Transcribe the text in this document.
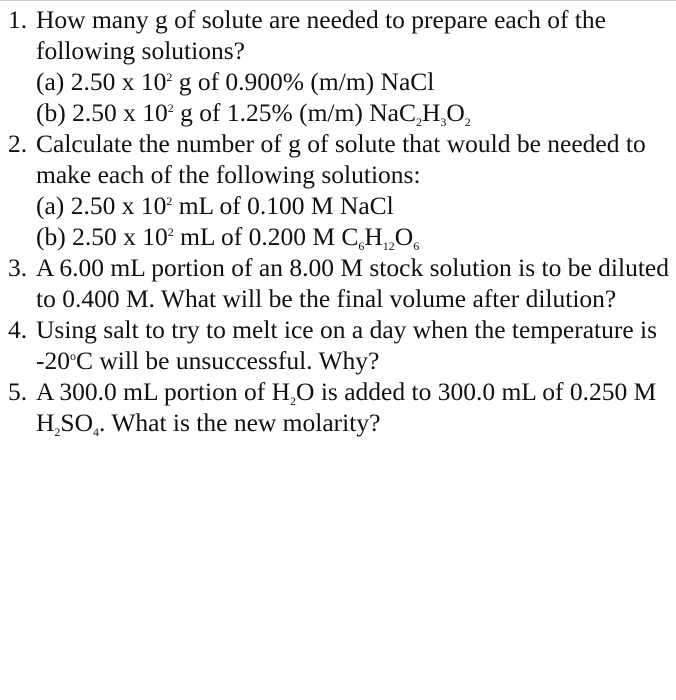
1. How many g of solute are needed to prepare each of the following solutions?
(a) 2.50 x $10^2$ g of 0.900% (m/m) NaCl
(b) 2.50 x $10^2$ g of 1.25% (m/m) $NaC_2H_3O_2$
2. Calculate the number of g of solute that would be needed to make each of the following solutions:
(a) 2.50 x $10^2$ mL of 0.100 M NaCl
(b) 2.50 x $10^2$ mL of 0.200 M $C_6H_{12}O_6$
3. A 6.00 mL portion of an 8.00 M stock solution is to be diluted to 0.400 M. What will be the final volume after dilution?
4. Using salt to try to melt ice on a day when the temperature is -20$^o$C will be unsuccessful. Why?
5. A 300.0 mL portion of $H_2O$ is added to 300.0 mL of 0.250 M $H_2SO_4$. What is the new molarity?
